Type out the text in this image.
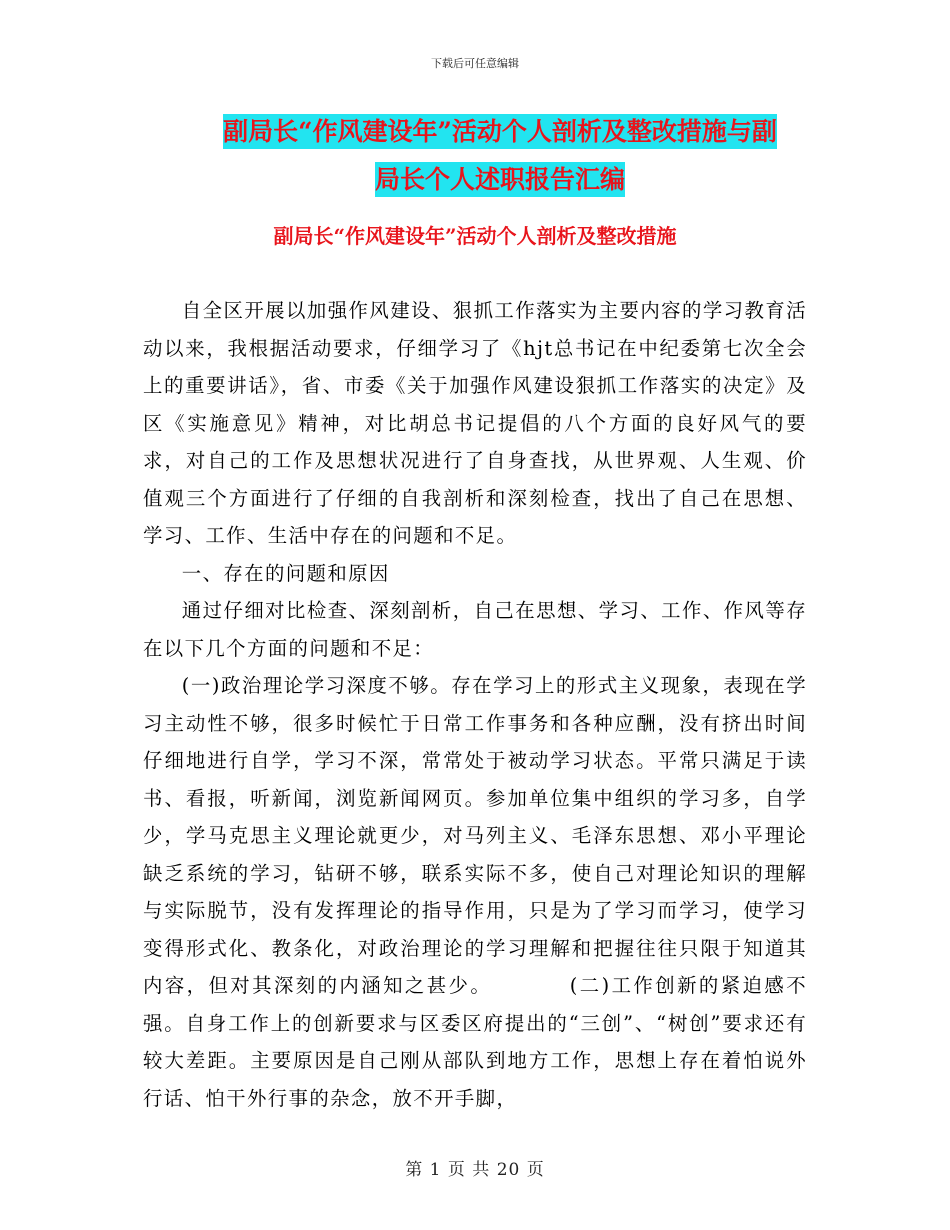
下载后可任意编辑
副局长“作风建设年”活动个人剖析及整改措施与副
局长个人述职报告汇编
副局长“作风建设年”活动个人剖析及整改措施

自全区开展以加强作风建设、狠抓工作落实为主要内容的学习教育活动以来，我根据活动要求，仔细学习了《hjt总书记在中纪委第七次全会上的重要讲话》，省、市委《关于加强作风建设狠抓工作落实的决定》及区《实施意见》精神，对比胡总书记提倡的八个方面的良好风气的要求，对自己的工作及思想状况进行了自身查找，从世界观、人生观、价值观三个方面进行了仔细的自我剖析和深刻检查，找出了自己在思想、学习、工作、生活中存在的问题和不足。

一、存在的问题和原因

通过仔细对比检查、深刻剖析，自己在思想、学习、工作、作风等存在以下几个方面的问题和不足：

(一)政治理论学习深度不够。存在学习上的形式主义现象，表现在学习主动性不够，很多时候忙于日常工作事务和各种应酬，没有挤出时间仔细地进行自学，学习不深，常常处于被动学习状态。平常只满足于读书、看报，听新闻，浏览新闻网页。参加单位集中组织的学习多，自学少，学马克思主义理论就更少，对马列主义、毛泽东思想、邓小平理论缺乏系统的学习，钻研不够，联系实际不多，使自己对理论知识的理解与实际脱节，没有发挥理论的指导作用，只是为了学习而学习，使学习变得形式化、教条化，对政治理论的学习理解和把握往往只限于知道其内容，但对其深刻的内涵知之甚少。　　　　(二)工作创新的紧迫感不强。自身工作上的创新要求与区委区府提出的“三创”、“树创”要求还有较大差距。主要原因是自己刚从部队到地方工作，思想上存在着怕说外行话、怕干外行事的杂念，放不开手脚，

第 1 页 共 20 页
